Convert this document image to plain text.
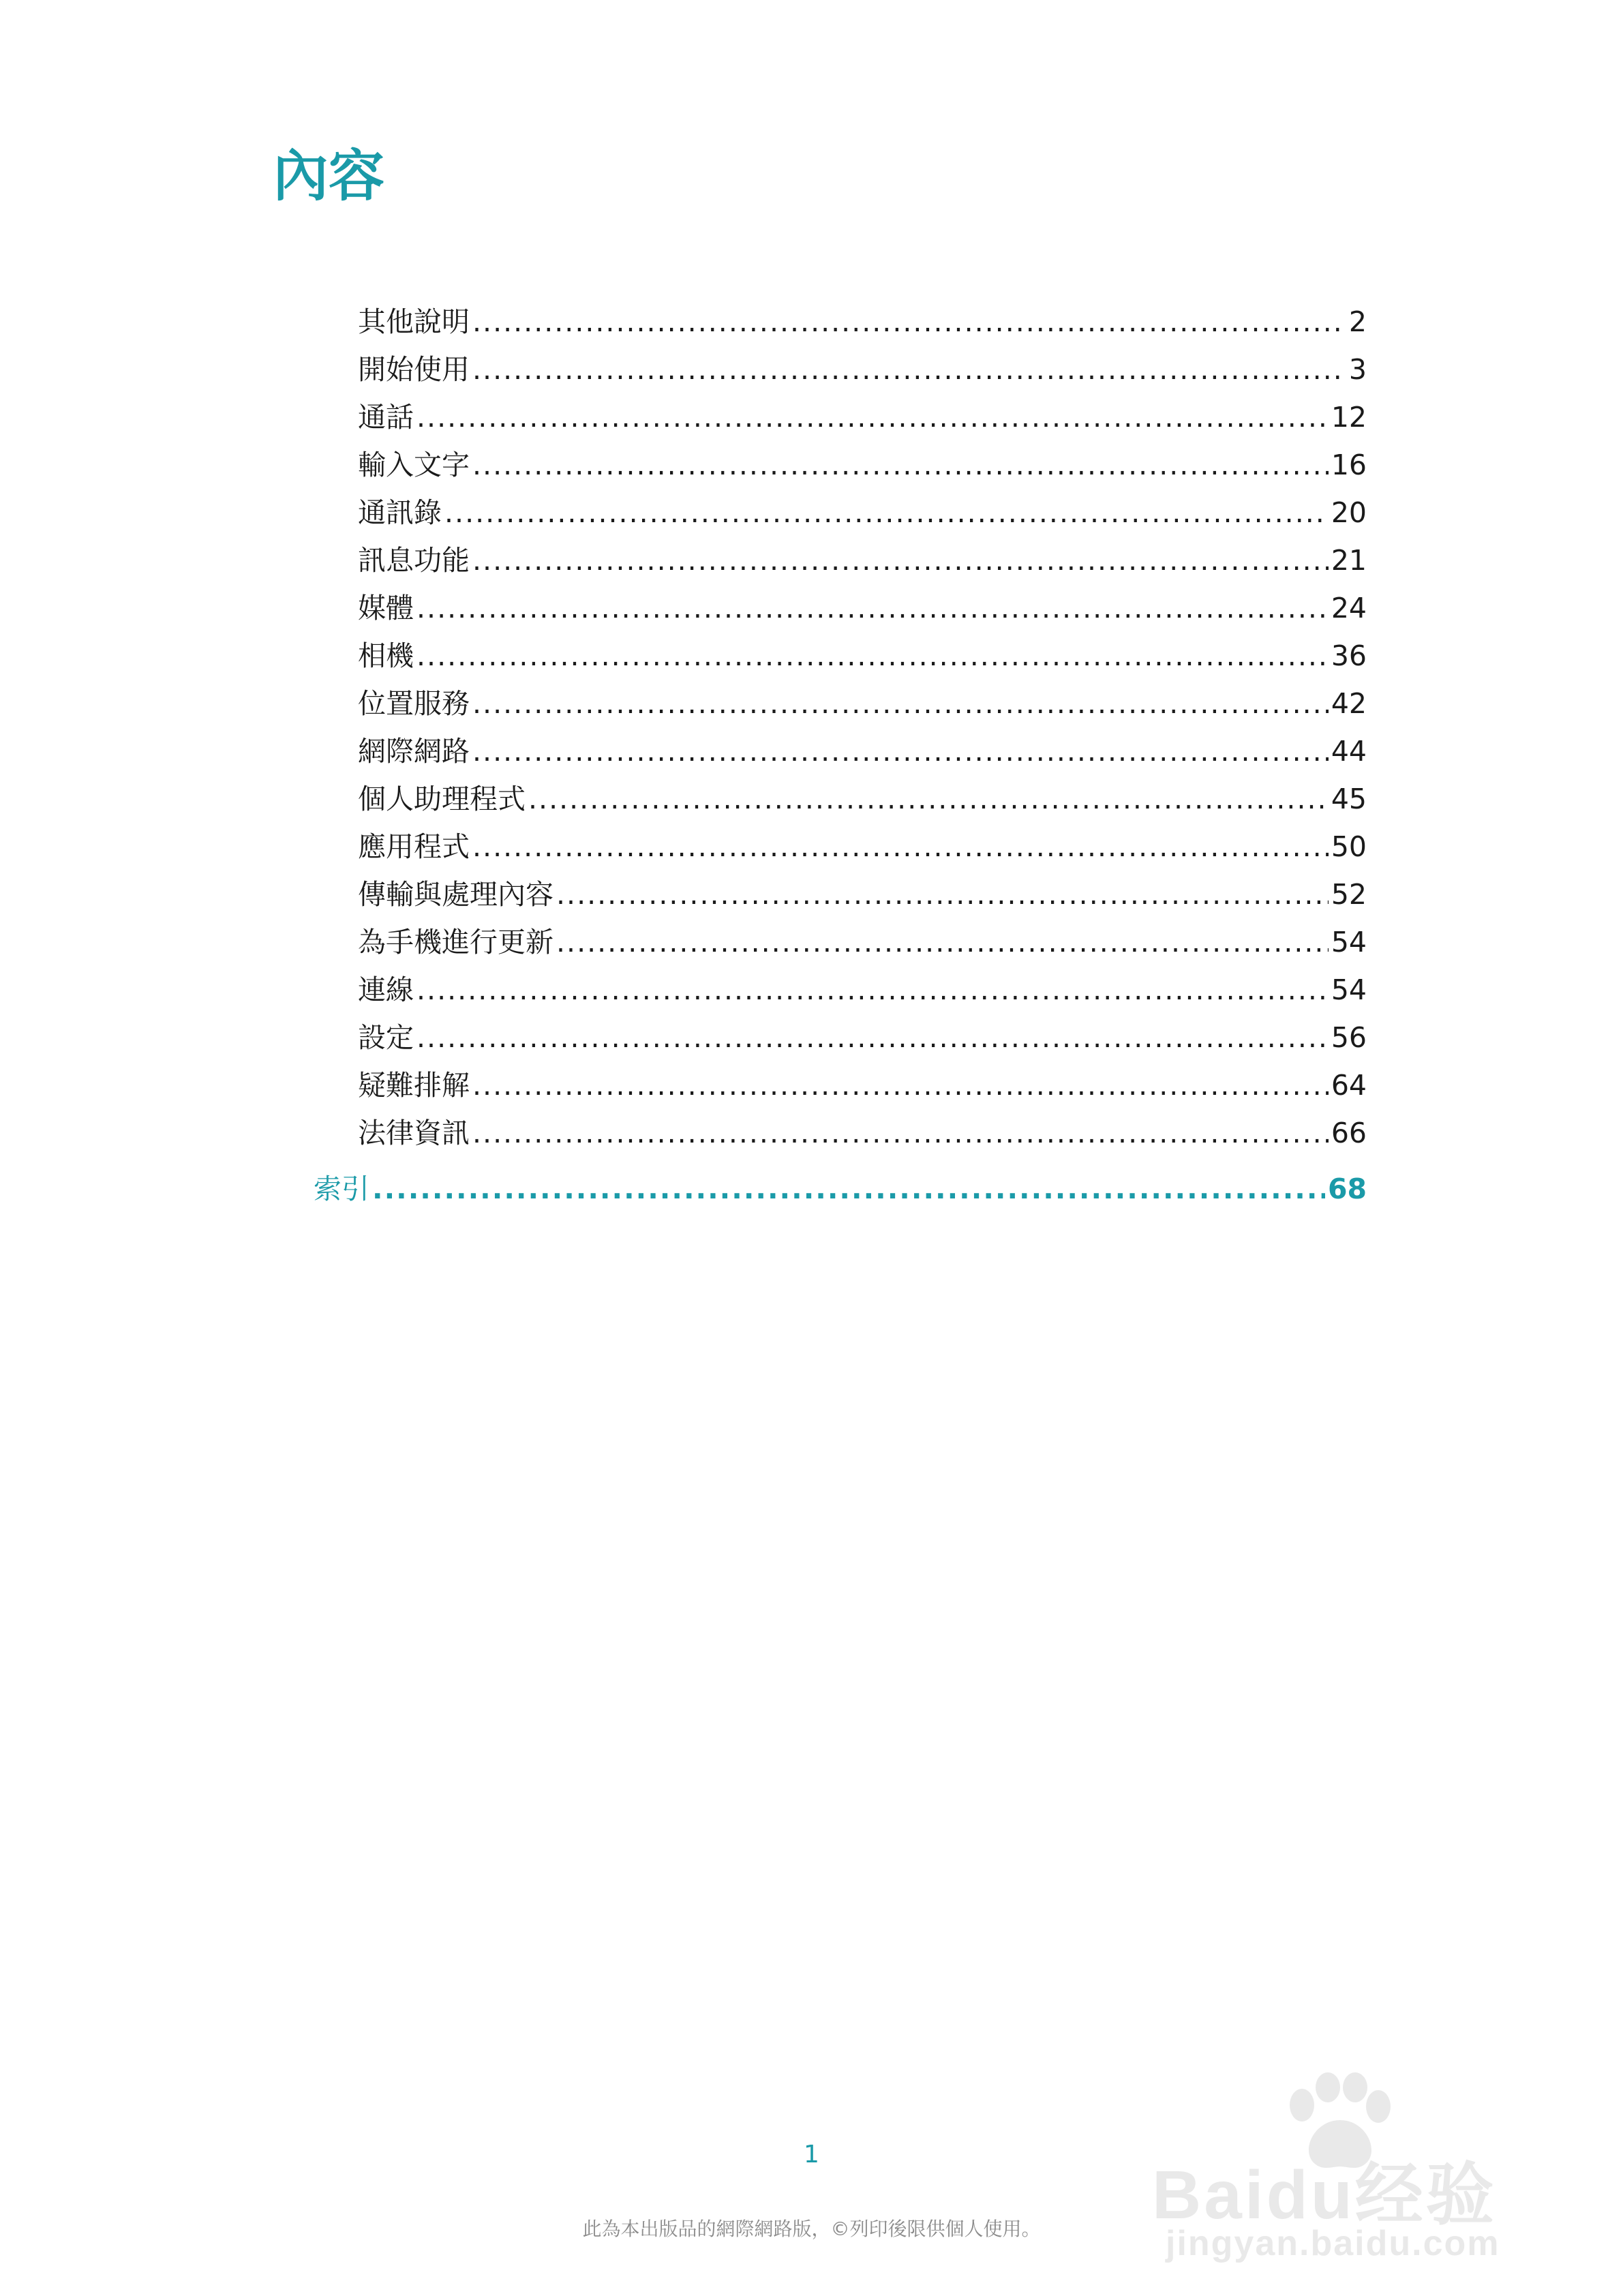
內容
其他說明 .....	2
開始使用 .....	3
通話 .....	12
輸入文字 .....	16
通訊錄 .....	20
訊息功能 .....	21
媒體 .....	24
相機 .....	36
位置服務 .....	42
網際網路 .....	44
個人助理程式 .....	45
應用程式 .....	50
傳輸與處理內容 .....	52
為手機進行更新 .....	54
連線 .....	54
設定 .....	56
疑難排解 .....	64
法律資訊 .....	66
索引 .....	68
1
此為本出版品的網際網路版，©列印後限供個人使用。	Baidu经验
jingyan.baidu.com
